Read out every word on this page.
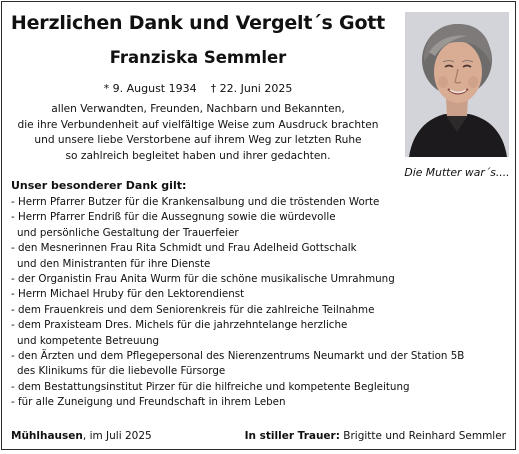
Herzlichen Dank und Vergelt´s Gott
Franziska Semmler
* 9. August 1934 † 22. Juni 2025
allen Verwandten, Freunden, Nachbarn und Bekannten,
die ihre Verbundenheit auf vielfältige Weise zum Ausdruck brachten
und unsere liebe Verstorbene auf ihrem Weg zur letzten Ruhe
so zahlreich begleitet haben und ihrer gedachten.
Die Mutter war´s....
Unser besonderer Dank gilt:
- Herrn Pfarrer Butzer für die Krankensalbung und die tröstenden Worte
- Herrn Pfarrer Endriß für die Aussegnung sowie die würdevolle
und persönliche Gestaltung der Trauerfeier
- den Mesnerinnen Frau Rita Schmidt und Frau Adelheid Gottschalk
und den Ministranten für ihre Dienste
- der Organistin Frau Anita Wurm für die schöne musikalische Umrahmung
- Herrn Michael Hruby für den Lektorendienst
- dem Frauenkreis und dem Seniorenkreis für die zahlreiche Teilnahme
- dem Praxisteam Dres. Michels für die jahrzehntelange herzliche
und kompetente Betreuung
- den Ärzten und dem Pflegepersonal des Nierenzentrums Neumarkt und der Station 5B
des Klinikums für die liebevolle Fürsorge
- dem Bestattungsinstitut Pirzer für die hilfreiche und kompetente Begleitung
- für alle Zuneigung und Freundschaft in ihrem Leben
Mühlhausen, im Juli 2025	In stiller Trauer: Brigitte und Reinhard Semmler
